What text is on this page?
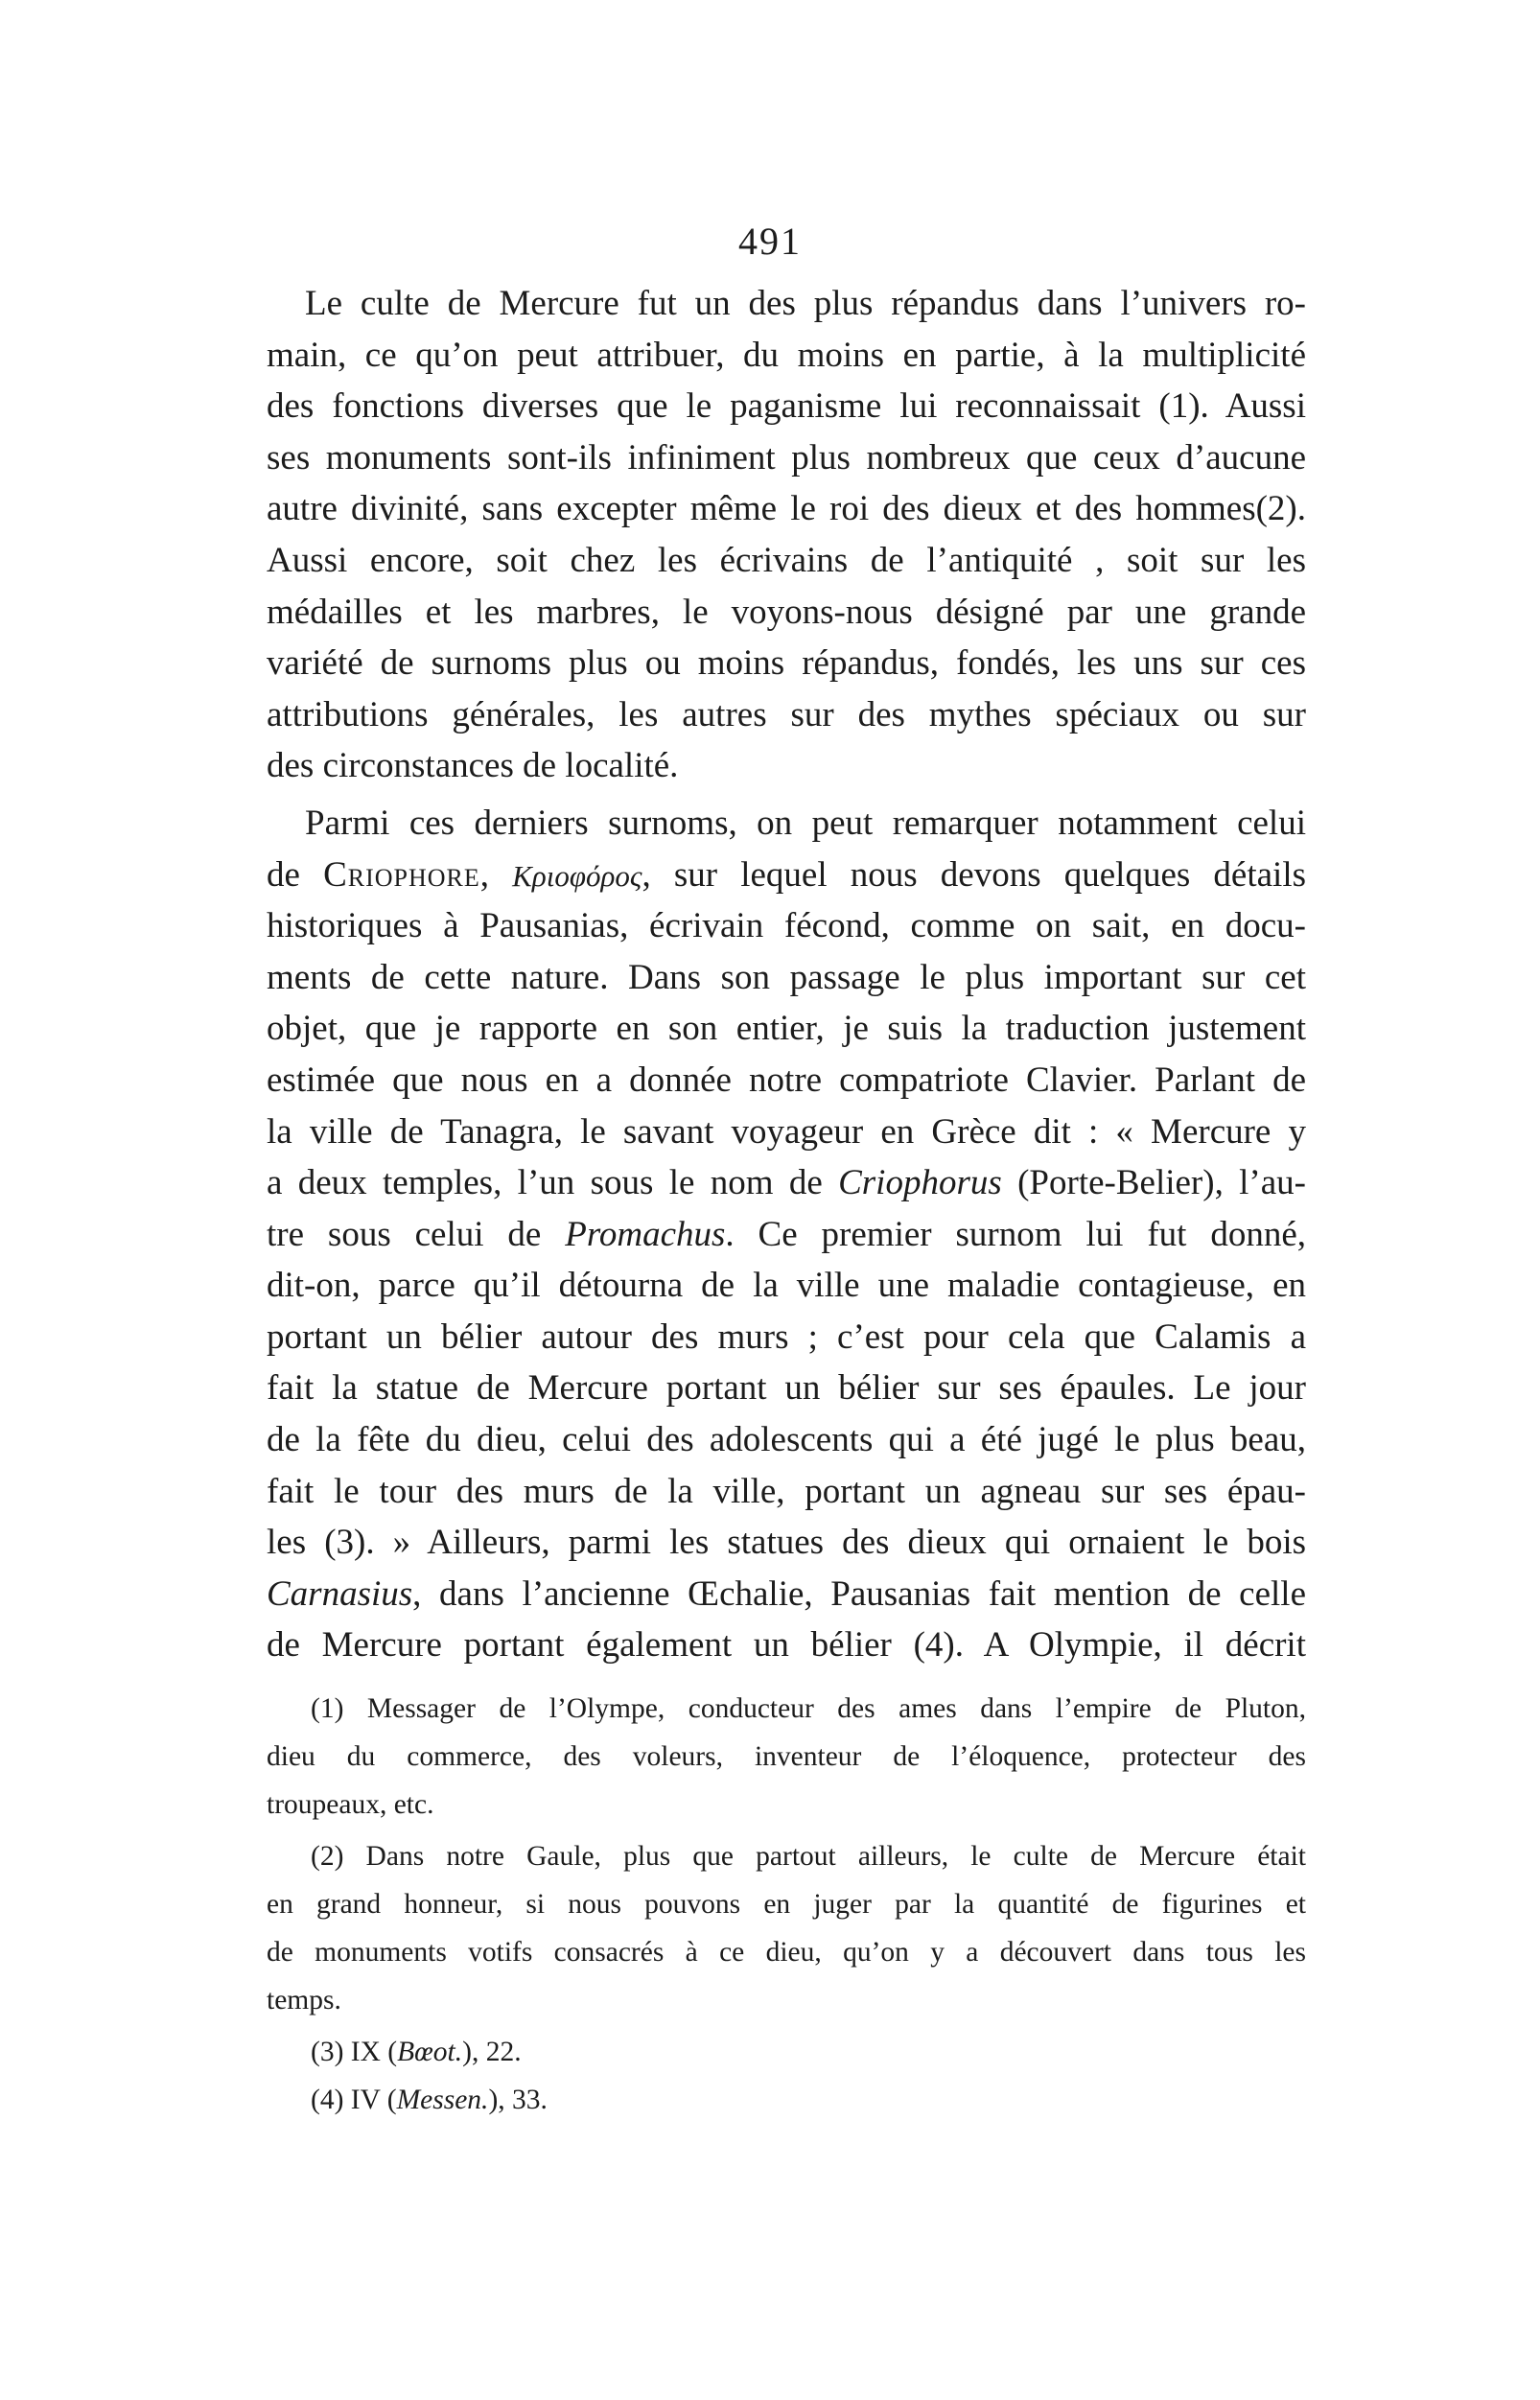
491
Le culte de Mercure fut un des plus répandus dans l’univers ro-
main, ce qu’on peut attribuer, du moins en partie, à la multiplicité
des fonctions diverses que le paganisme lui reconnaissait (1). Aussi
ses monuments sont-ils infiniment plus nombreux que ceux d’aucune
autre divinité, sans excepter même le roi des dieux et des hommes(2).
Aussi encore, soit chez les écrivains de l’antiquité , soit sur les
médailles et les marbres, le voyons-nous désigné par une grande
variété de surnoms plus ou moins répandus, fondés, les uns sur ces
attributions générales, les autres sur des mythes spéciaux ou sur
des circonstances de localité.
Parmi ces derniers surnoms, on peut remarquer notamment celui
de Criophore, Κριοφόρος, sur lequel nous devons quelques détails
historiques à Pausanias, écrivain fécond, comme on sait, en docu-
ments de cette nature. Dans son passage le plus important sur cet
objet, que je rapporte en son entier, je suis la traduction justement
estimée que nous en a donnée notre compatriote Clavier. Parlant de
la ville de Tanagra, le savant voyageur en Grèce dit : « Mercure y
a deux temples, l’un sous le nom de Criophorus (Porte-Belier), l’au-
tre sous celui de Promachus. Ce premier surnom lui fut donné,
dit-on, parce qu’il détourna de la ville une maladie contagieuse, en
portant un bélier autour des murs ; c’est pour cela que Calamis a
fait la statue de Mercure portant un bélier sur ses épaules. Le jour
de la fête du dieu, celui des adolescents qui a été jugé le plus beau,
fait le tour des murs de la ville, portant un agneau sur ses épau-
les (3). » Ailleurs, parmi les statues des dieux qui ornaient le bois
Carnasius, dans l’ancienne Œchalie, Pausanias fait mention de celle
de Mercure portant également un bélier (4). A Olympie, il décrit
(1) Messager de l’Olympe, conducteur des ames dans l’empire de Pluton,
dieu du commerce, des voleurs, inventeur de l’éloquence, protecteur des
troupeaux, etc.
(2) Dans notre Gaule, plus que partout ailleurs, le culte de Mercure était
en grand honneur, si nous pouvons en juger par la quantité de figurines et
de monuments votifs consacrés à ce dieu, qu’on y a découvert dans tous les
temps.
(3) IX (Bœot.), 22.
(4) IV (Messen.), 33.
